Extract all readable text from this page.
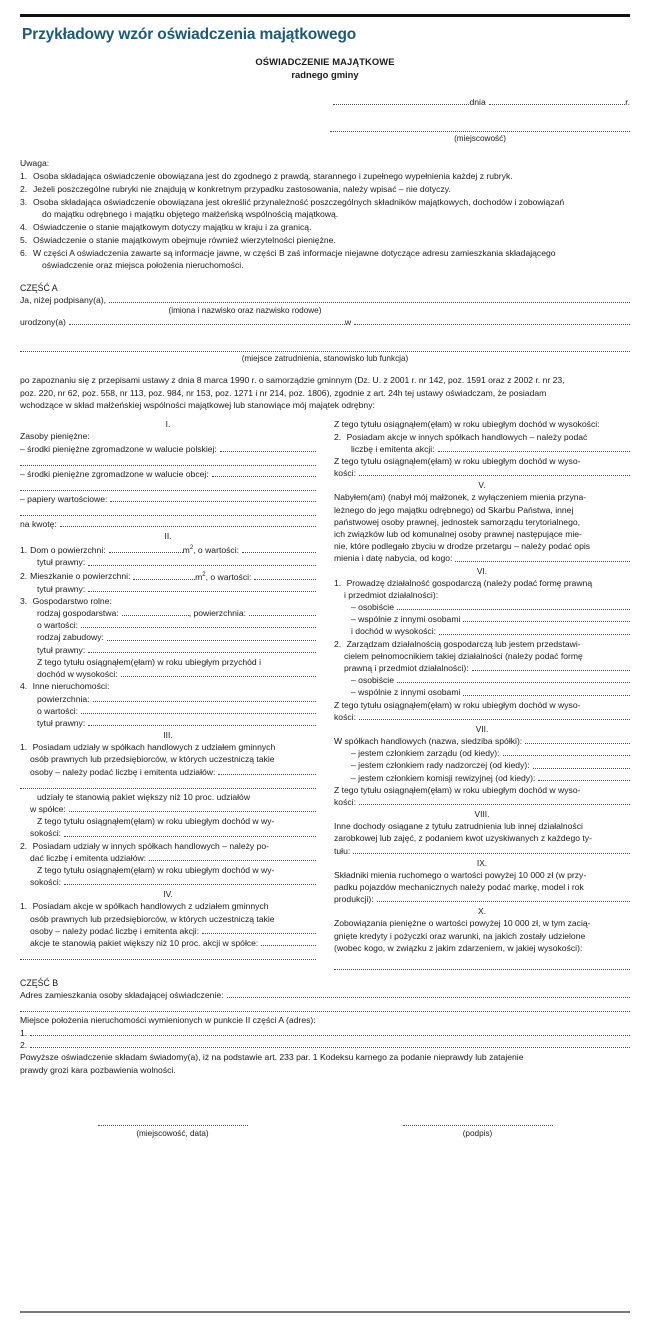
Przykładowy wzór oświadczenia majątkowego
OŚWIADCZENIE MAJĄTKOWE
radnego gminy
dnia	r.
(miejscowość)
Uwaga:
1. Osoba składająca oświadczenie obowiązana jest do zgodnego z prawdą, starannego i zupełnego wypełnienia każdej z rubryk.
2. Jeżeli poszczególne rubryki nie znajdują w konkretnym przypadku zastosowania, należy wpisać – nie dotyczy.
3. Osoba składająca oświadczenie obowiązana jest określić przynależność poszczególnych składników majątkowych, dochodów i zobowiązań
do majątku odrębnego i majątku objętego małżeńską wspólnością majątkową.
4. Oświadczenie o stanie majątkowym dotyczy majątku w kraju i za granicą.
5. Oświadczenie o stanie majątkowym obejmuje również wierzytelności pieniężne.
6. W części A oświadczenia zawarte są informacje jawne, w części B zaś informacje niejawne dotyczące adresu zamieszkania składającego
oświadczenie oraz miejsca położenia nieruchomości.
CZĘŚĆ A
Ja, niżej podpisany(a),
(imiona i nazwisko oraz nazwisko rodowe)
urodzony(a)	w
(miejsce zatrudnienia, stanowisko lub funkcja)
po zapoznaniu się z przepisami ustawy z dnia 8 marca 1990 r. o samorządzie gminnym (Dz. U. z 2001 r. nr 142, poz. 1591 oraz z 2002 r. nr 23,
poz. 220, nr 62, poz. 558, nr 113, poz. 984, nr 153, poz. 1271 i nr 214, poz. 1806), zgodnie z art. 24h tej ustawy oświadczam, że posiadam
wchodzące w skład małżeńskiej wspólności majątkowej lub stanowiące mój majątek odrębny:
I.
Zasoby pieniężne:
– środki pieniężne zgromadzone w walucie polskiej:
– środki pieniężne zgromadzone w walucie obcej:
– papiery wartościowe:
na kwotę:
II.
1. Dom o powierzchni:	$m^2$, o wartości:
tytuł prawny:
2. Mieszkanie o powierzchni:	$m^2$, o wartości:
tytuł prawny:
3. Gospodarstwo rolne:
rodzaj gospodarstwa:	, powierzchnia:
o wartości:
rodzaj zabudowy:
tytuł prawny:
Z tego tytułu osiągnąłem(ęłam) w roku ubiegłym przychód i
dochód w wysokości:
4. Inne nieruchomości:
powierzchnia:
o wartości:
tytuł prawny:
III.
1. Posiadam udziały w spółkach handlowych z udziałem gminnych
osób prawnych lub przedsiębiorców, w których uczestniczą takie
osoby – należy podać liczbę i emitenta udziałów:
udziały te stanowią pakiet większy niż 10 proc. udziałów
w spółce:
Z tego tytułu osiągnąłem(ęłam) w roku ubiegłym dochód w wy-
sokości:
2. Posiadam udziały w innych spółkach handlowych – należy po-
dać liczbę i emitenta udziałów:
Z tego tytułu osiągnąłem(ęłam) w roku ubiegłym dochód w wy-
sokości:
IV.
1. Posiadam akcje w spółkach handlowych z udziałem gminnych
osób prawnych lub przedsiębiorców, w których uczestniczą takie
osoby – należy podać liczbę i emitenta akcji:
akcje te stanowią pakiet większy niż 10 proc. akcji w spółce:
Z tego tytułu osiągnąłem(ęłam) w roku ubiegłym dochód w wysokości:
2. Posiadam akcje w innych spółkach handlowych – należy podać
liczbę i emitenta akcji:
Z tego tytułu osiągnąłem(ęłam) w roku ubiegłym dochód w wyso-
kości:
V.
Nabyłem(am) (nabył mój małżonek, z wyłączeniem mienia przyna-
leżnego do jego majątku odrębnego) od Skarbu Państwa, innej
państwowej osoby prawnej, jednostek samorządu terytorialnego,
ich związków lub od komunalnej osoby prawnej następujące mie-
nie, które podlegało zbyciu w drodze przetargu – należy podać opis
mienia i datę nabycia, od kogo:
VI.
1. Prowadzę działalność gospodarczą (należy podać formę prawną
i przedmiot działalności):
– osobiście
– wspólnie z innymi osobami
i dochód w wysokości:
2. Zarządzam działalnością gospodarczą lub jestem przedstawi-
cielem pełnomocnikiem takiej działalności (należy podać formę
prawną i przedmiot działalności):
– osobiście
– wspólnie z innymi osobami
Z tego tytułu osiągnąłem(ęłam) w roku ubiegłym dochód w wyso-
kości:
VII.
W spółkach handlowych (nazwa, siedziba spółki):
– jestem członkiem zarządu (od kiedy):
– jestem członkiem rady nadzorczej (od kiedy):
– jestem członkiem komisji rewizyjnej (od kiedy):
Z tego tytułu osiągnąłem(ęłam) w roku ubiegłym dochód w wyso-
kości:
VIII.
Inne dochody osiągane z tytułu zatrudnienia lub innej działalności
zarobkowej lub zajęć, z podaniem kwot uzyskiwanych z każdego ty-
tułu:
IX.
Składniki mienia ruchomego o wartości powyżej 10 000 zł (w przy-
padku pojazdów mechanicznych należy podać markę, model i rok
produkcji):
X.
Zobowiązania pieniężne o wartości powyżej 10 000 zł, w tym zacią-
gnięte kredyty i pożyczki oraz warunki, na jakich zostały udzielone
(wobec kogo, w związku z jakim zdarzeniem, w jakiej wysokości):
CZĘŚĆ B
Adres zamieszkania osoby składającej oświadczenie:
Miejsce położenia nieruchomości wymienionych w punkcie II części A (adres):
1.
2.
Powyższe oświadczenie składam świadomy(a), iż na podstawie art. 233 par. 1 Kodeksu karnego za podanie nieprawdy lub zatajenie
prawdy grozi kara pozbawienia wolności.
(miejscowość, data)	(podpis)
